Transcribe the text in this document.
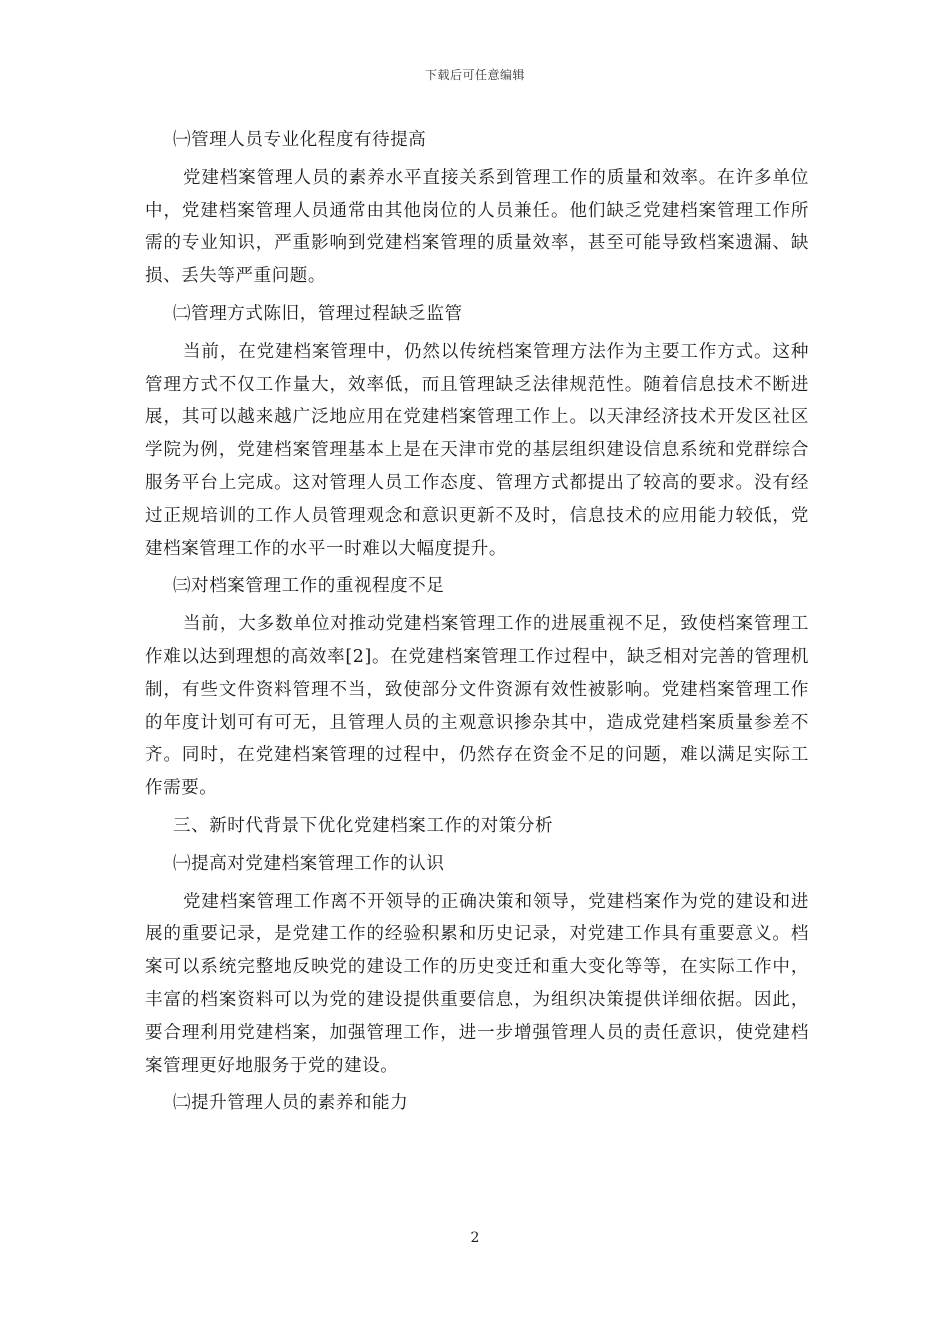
下载后可任意编辑
㈠管理人员专业化程度有待提高
党建档案管理人员的素养水平直接关系到管理工作的质量和效率。在许多单位中，党建档案管理人员通常由其他岗位的人员兼任。他们缺乏党建档案管理工作所需的专业知识，严重影响到党建档案管理的质量效率，甚至可能导致档案遗漏、缺损、丢失等严重问题。
㈡管理方式陈旧，管理过程缺乏监管
当前，在党建档案管理中，仍然以传统档案管理方法作为主要工作方式。这种管理方式不仅工作量大，效率低，而且管理缺乏法律规范性。随着信息技术不断进展，其可以越来越广泛地应用在党建档案管理工作上。以天津经济技术开发区社区学院为例，党建档案管理基本上是在天津市党的基层组织建设信息系统和党群综合服务平台上完成。这对管理人员工作态度、管理方式都提出了较高的要求。没有经过正规培训的工作人员管理观念和意识更新不及时，信息技术的应用能力较低，党建档案管理工作的水平一时难以大幅度提升。
㈢对档案管理工作的重视程度不足
当前，大多数单位对推动党建档案管理工作的进展重视不足，致使档案管理工作难以达到理想的高效率[2]。在党建档案管理工作过程中，缺乏相对完善的管理机制，有些文件资料管理不当，致使部分文件资源有效性被影响。党建档案管理工作的年度计划可有可无，且管理人员的主观意识掺杂其中，造成党建档案质量参差不齐。同时，在党建档案管理的过程中，仍然存在资金不足的问题，难以满足实际工作需要。
三、新时代背景下优化党建档案工作的对策分析
㈠提高对党建档案管理工作的认识
党建档案管理工作离不开领导的正确决策和领导，党建档案作为党的建设和进展的重要记录，是党建工作的经验积累和历史记录，对党建工作具有重要意义。档案可以系统完整地反映党的建设工作的历史变迁和重大变化等等，在实际工作中，丰富的档案资料可以为党的建设提供重要信息，为组织决策提供详细依据。因此，要合理利用党建档案，加强管理工作，进一步增强管理人员的责任意识，使党建档案管理更好地服务于党的建设。
㈡提升管理人员的素养和能力
2
